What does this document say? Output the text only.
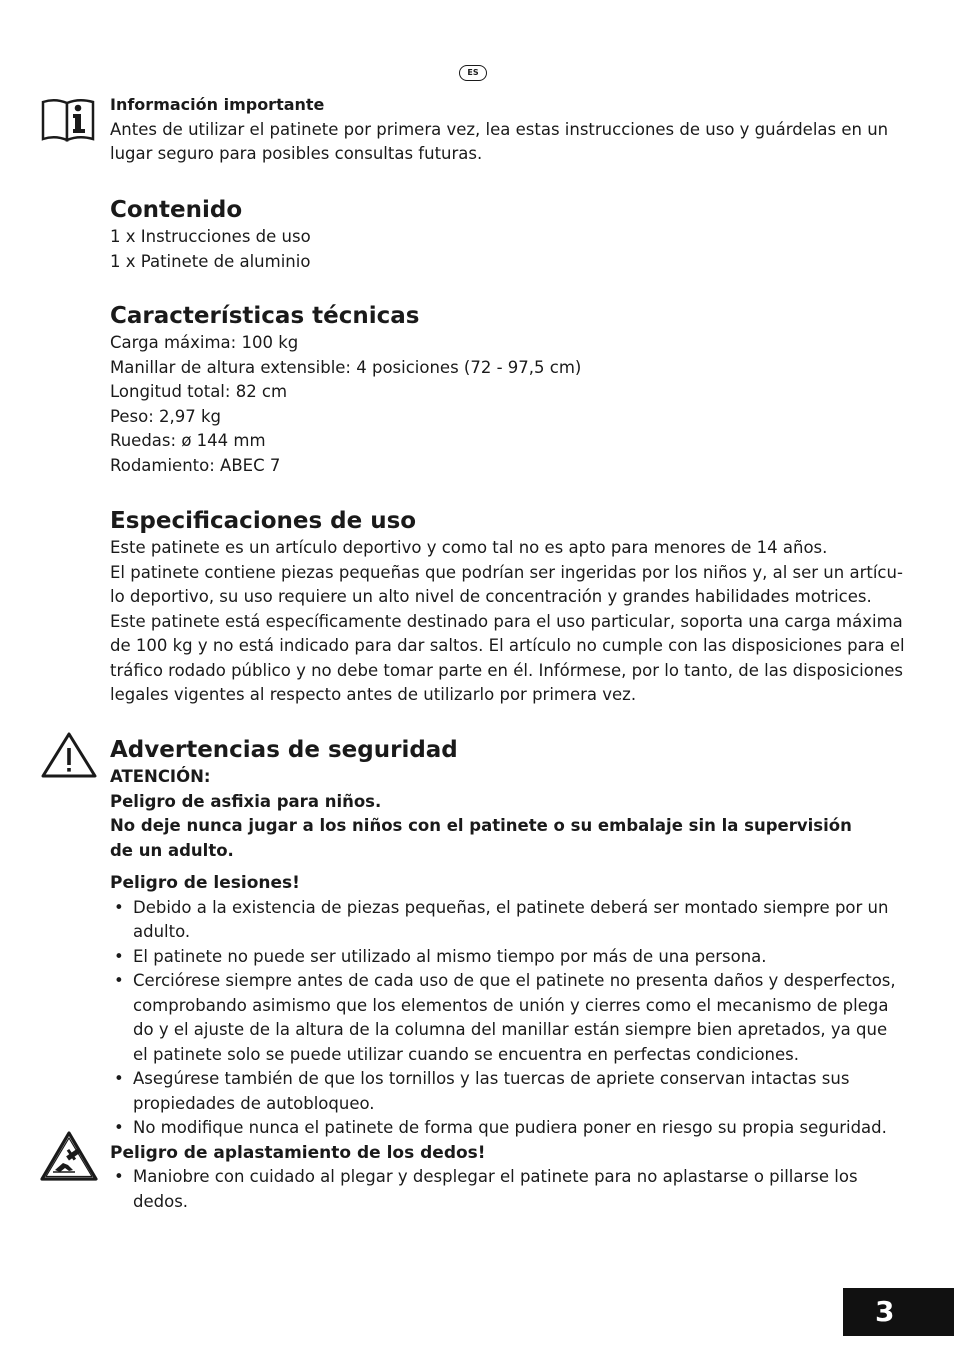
ES

Información importante

Antes de utilizar el patinete por primera vez, lea estas instrucciones de uso y guárdelas en un

lugar seguro para posibles consultas futuras.

Contenido

1 x Instrucciones de uso

1 x Patinete de aluminio

Características técnicas

Carga máxima: 100 kg

Manillar de altura extensible: 4 posiciones (72 - 97,5 cm)

Longitud total: 82 cm

Peso: 2,97 kg

Ruedas: ø 144 mm

Rodamiento: ABEC 7

Especificaciones de uso

Este patinete es un artículo deportivo y como tal no es apto para menores de 14 años.

El patinete contiene piezas pequeñas que podrían ser ingeridas por los niños y, al ser un artícu-

lo deportivo, su uso requiere un alto nivel de concentración y grandes habilidades motrices.

Este patinete está específicamente destinado para el uso particular, soporta una carga máxima

de 100 kg y no está indicado para dar saltos. El artículo no cumple con las disposiciones para el

tráfico rodado público y no debe tomar parte en él. Infórmese, por lo tanto, de las disposiciones

legales vigentes al respecto antes de utilizarlo por primera vez.

Advertencias de seguridad

ATENCIÓN:

Peligro de asfixia para niños.

No deje nunca jugar a los niños con el patinete o su embalaje sin la supervisión

de un adulto.

Peligro de lesiones!

• Debido a la existencia de piezas pequeñas, el patinete deberá ser montado siempre por un
adulto.
• El patinete no puede ser utilizado al mismo tiempo por más de una persona.
• Cerciórese siempre antes de cada uso de que el patinete no presenta daños y desperfectos,
comprobando asimismo que los elementos de unión y cierres como el mecanismo de plega
do y el ajuste de la altura de la columna del manillar están siempre bien apretados, ya que
el patinete solo se puede utilizar cuando se encuentra en perfectas condiciones.
• Asegúrese también de que los tornillos y las tuercas de apriete conservan intactas sus
propiedades de autobloqueo.
• No modifique nunca el patinete de forma que pudiera poner en riesgo su propia seguridad.

Peligro de aplastamiento de los dedos!

• Maniobre con cuidado al plegar y desplegar el patinete para no aplastarse o pillarse los
dedos.
3
